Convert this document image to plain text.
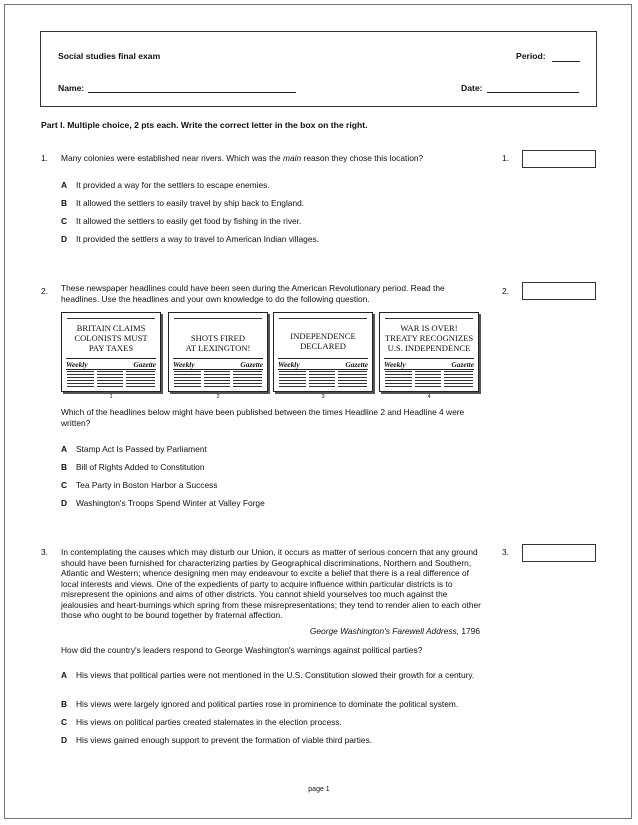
Social studies final exam	Period:
Name:	Date:
Part I. Multiple choice, 2 pts each. Write the correct letter in the box on the right.
1. Many colonies were established near rivers. Which was the main reason they chose this location?	1.
A It provided a way for the settlers to escape enemies.
B It allowed the settlers to easily travel by ship back to England.
C It allowed the settlers to easily get food by fishing in the river.
D It provided the settlers a way to travel to American Indian villages.
2. These newspaper headlines could have been seen during the American Revolutionary period. Read the headlines. Use the headlines and your own knowledge to do the following question.
2.
BRITAIN CLAIMS
COLONISTS MUST
PAY TAXES
Weekly	Gazette
SHOTS FIRED
AT LEXINGTON!
Weekly	Gazette
INDEPENDENCE
DECLARED
Weekly	Gazette
WAR IS OVER!
TREATY RECOGNIZES
U.S. INDEPENDENCE
Weekly	Gazette
1	2	3	4
Which of the headlines below might have been published between the times Headline 2 and Headline 4 were written?
A Stamp Act Is Passed by Parliament
B Bill of Rights Added to Constitution
C Tea Party in Boston Harbor a Success
D Washington's Troops Spend Winter at Valley Forge
3. In contemplating the causes which may disturb our Union, it occurs as matter of serious concern that any ground should have been furnished for characterizing parties by Geographical discriminations, Northern and Southern, Atlantic and Western; whence designing men may endeavour to excite a belief that there is a real difference of local interests and views. One of the expedients of party to acquire influence within particular districts is to misrepresent the opinions and aims of other districts. You cannot shield yourselves too much against the jealousies and heart-burnings which spring from these misrepresentations; they tend to render alien to each other those who ought to be bound together by fraternal affection.
3.
George Washington's Farewell Address, 1796
How did the country's leaders respond to George Washington's warnings against political parties?
A His views that political parties were not mentioned in the U.S. Constitution slowed their growth for a century.
B His views were largely ignored and political parties rose in prominence to dominate the political system.
C His views on political parties created stalemates in the election process.
D His views gained enough support to prevent the formation of viable third parties.
page 1
